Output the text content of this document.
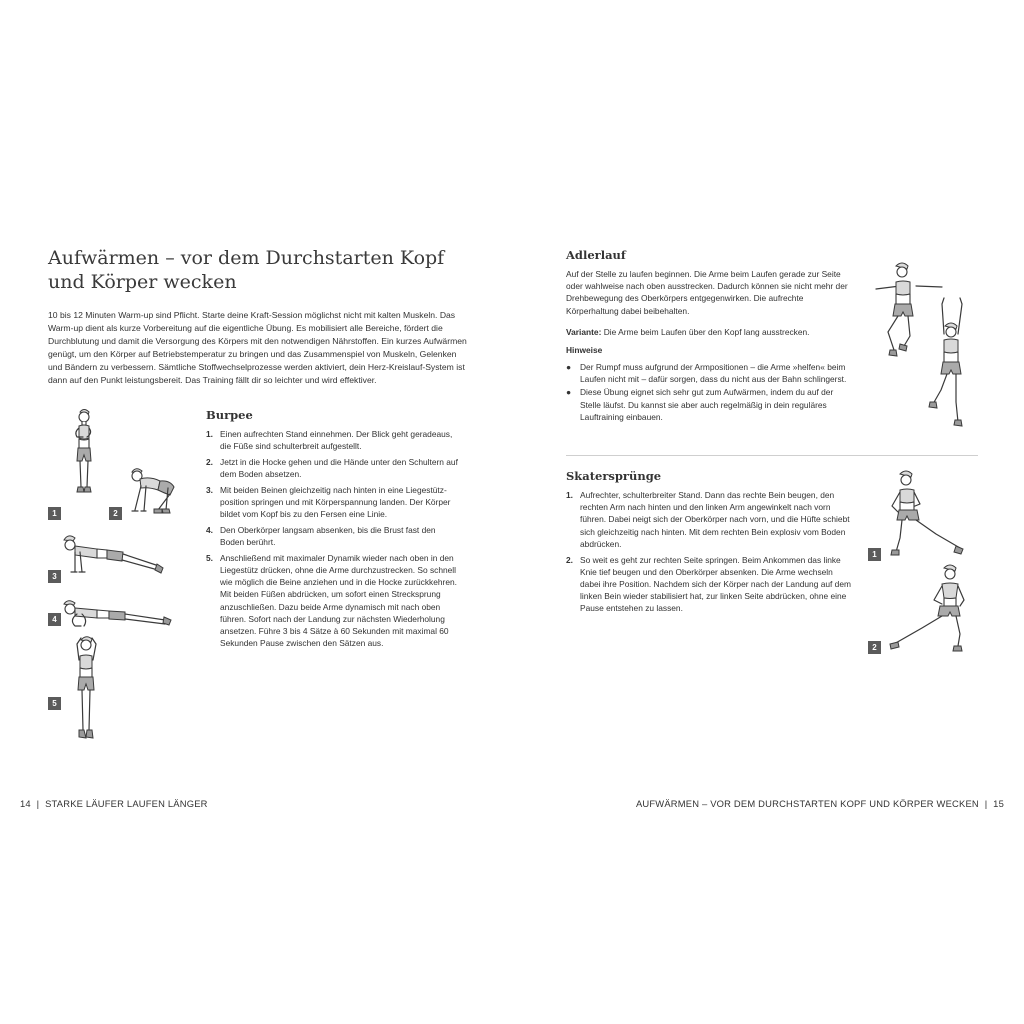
Aufwärmen – vor dem Durchstarten Kopf und Körper wecken

10 bis 12 Minuten Warm-up sind Pflicht. Starte deine Kraft-Session möglichst nicht mit kalten Muskeln. Das Warm-up dient als kurze Vorbereitung auf die eigentliche Übung. Es mobilisiert alle Bereiche, fördert die Durchblutung und damit die Versorgung des Körpers mit den notwendigen Nährstoffen. Ein kurzes Aufwärmen genügt, um den Körper auf Betriebstemperatur zu bringen und das Zusammenspiel von Muskeln, Gelenken und Bändern zu verbessern. Sämtliche Stoffwechselprozesse werden aktiviert, dein Herz-Kreislauf-System ist dann auf den Punkt leistungsbereit. Das Training fällt dir so leichter und wird effektiver.

Burpee
1. Einen aufrechten Stand einnehmen. Der Blick geht geradeaus, die Füße sind schulterbreit aufgestellt.
2. Jetzt in die Hocke gehen und die Hände unter den Schultern auf dem Boden absetzen.
3. Mit beiden Beinen gleichzeitig nach hinten in eine Liegestütz-position springen und mit Körperspannung landen. Der Körper bildet vom Kopf bis zu den Fersen eine Linie.
4. Den Oberkörper langsam absenken, bis die Brust fast den Boden berührt.
5. Anschließend mit maximaler Dynamik wieder nach oben in den Liegestütz drücken, ohne die Arme durchzustrecken. So schnell wie möglich die Beine anziehen und in die Hocke zurückkehren. Mit beiden Füßen abdrücken, um sofort einen Strecksprung anzuschließen. Dazu beide Arme dynamisch mit nach oben führen. Sofort nach der Landung zur nächsten Wiederholung ansetzen. Führe 3 bis 4 Sätze à 60 Sekunden mit maximal 60 Sekunden Pause zwischen den Sätzen aus.
1	2
3
4
5
14 | STARKE LÄUFER LAUFEN LÄNGER
Adlerlauf

Auf der Stelle zu laufen beginnen. Die Arme beim Laufen gerade zur Seite oder wahlweise nach oben ausstrecken. Dadurch können sie nicht mehr der Drehbewegung des Oberkörpers entgegenwirken. Die aufrechte Körperhaltung dabei beibehalten.

Variante: Die Arme beim Laufen über den Kopf lang ausstrecken.

Hinweise

●	Der Rumpf muss aufgrund der Armpositionen – die Arme »helfen« beim Laufen nicht mit – dafür sorgen, dass du nicht aus der Bahn schlingerst.
●	Diese Übung eignet sich sehr gut zum Aufwärmen, indem du auf der Stelle läufst. Du kannst sie aber auch regelmäßig in dein reguläres Lauftraining einbauen.
Skatersprünge
1. Aufrechter, schulterbreiter Stand. Dann das rechte Bein beugen, den rechten Arm nach hinten und den linken Arm angewinkelt nach vorn führen. Dabei neigt sich der Oberkörper nach vorn, und die Hüfte schiebt sich gleichzeitig nach hinten. Mit dem rechten Bein explosiv vom Boden abdrücken.
2. So weit es geht zur rechten Seite springen. Beim Ankommen das linke Knie tief beugen und den Oberkörper absenken. Die Arme wechseln dabei ihre Position. Nachdem sich der Körper nach der Landung auf dem linken Bein wieder stabilisiert hat, zur linken Seite abdrücken, ohne eine Pause entstehen zu lassen.
1
2
AUFWÄRMEN – VOR DEM DURCHSTARTEN KOPF UND KÖRPER WECKEN | 15
